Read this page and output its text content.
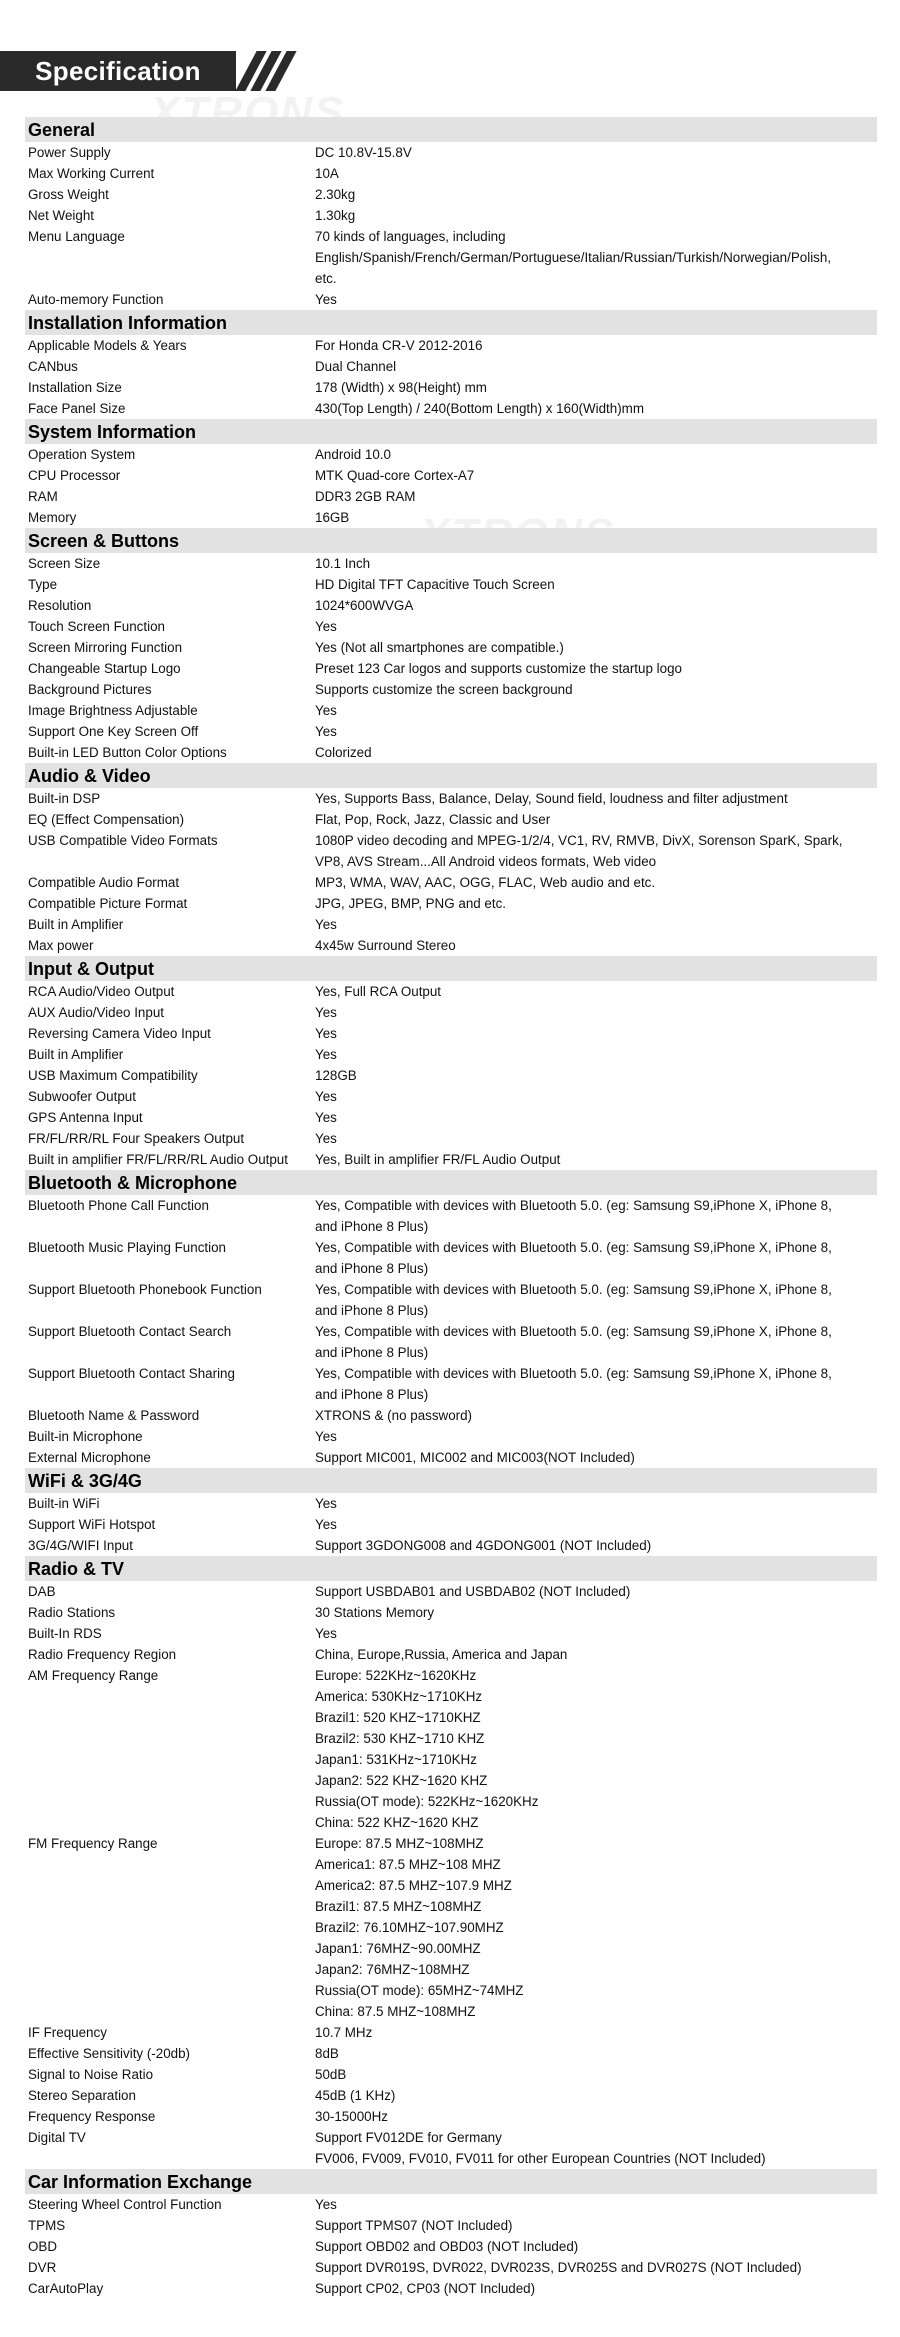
Specification
XTRONS
General
Power Supply	DC 10.8V-15.8V
Max Working Current	10A
Gross Weight	2.30kg
Net Weight	1.30kg
Menu Language	70 kinds of languages, including
English/Spanish/French/German/Portuguese/Italian/Russian/Turkish/Norwegian/Polish,
etc.
Auto-memory Function	Yes
Installation Information
Applicable Models & Years	For Honda CR-V 2012-2016
CANbus	Dual Channel
Installation Size	178 (Width) x 98(Height) mm
Face Panel Size	430(Top Length) / 240(Bottom Length) x 160(Width)mm
System Information
Operation System	Android 10.0
CPU Processor	MTK Quad-core Cortex-A7
RAM	DDR3 2GB RAM
Memory	16GB
Screen & Buttons
Screen Size	10.1 Inch
Type	HD Digital TFT Capacitive Touch Screen
Resolution	1024*600WVGA
Touch Screen Function	Yes
Screen Mirroring Function	Yes (Not all smartphones are compatible.)
Changeable Startup Logo	Preset 123 Car logos and supports customize the startup logo
Background Pictures	Supports customize the screen background
Image Brightness Adjustable	Yes
Support One Key Screen Off	Yes
Built-in LED Button Color Options	Colorized
Audio & Video
Built-in DSP	Yes, Supports Bass, Balance, Delay, Sound field, loudness and filter adjustment
EQ (Effect Compensation)	Flat, Pop, Rock, Jazz, Classic and User
USB Compatible Video Formats	1080P video decoding and MPEG-1/2/4, VC1, RV, RMVB, DivX, Sorenson SparK, Spark,
VP8, AVS Stream...All Android videos formats, Web video
Compatible Audio Format	MP3, WMA, WAV, AAC, OGG, FLAC, Web audio and etc.
Compatible Picture Format	JPG, JPEG, BMP, PNG and etc.
Built in Amplifier	Yes
Max power	4x45w Surround Stereo
Input & Output
RCA Audio/Video Output	Yes, Full RCA Output
AUX Audio/Video Input	Yes
Reversing Camera Video Input	Yes
Built in Amplifier	Yes
USB Maximum Compatibility	128GB
Subwoofer Output	Yes
GPS Antenna Input	Yes
FR/FL/RR/RL Four Speakers Output	Yes
Built in amplifier FR/FL/RR/RL Audio Output	Yes, Built in amplifier FR/FL Audio Output
Bluetooth & Microphone
Bluetooth Phone Call Function	Yes, Compatible with devices with Bluetooth 5.0. (eg: Samsung S9,iPhone X, iPhone 8,
and iPhone 8 Plus)
Bluetooth Music Playing Function	Yes, Compatible with devices with Bluetooth 5.0. (eg: Samsung S9,iPhone X, iPhone 8,
and iPhone 8 Plus)
Support Bluetooth Phonebook Function	Yes, Compatible with devices with Bluetooth 5.0. (eg: Samsung S9,iPhone X, iPhone 8,
and iPhone 8 Plus)
Support Bluetooth Contact Search	Yes, Compatible with devices with Bluetooth 5.0. (eg: Samsung S9,iPhone X, iPhone 8,
and iPhone 8 Plus)
Support Bluetooth Contact Sharing	Yes, Compatible with devices with Bluetooth 5.0. (eg: Samsung S9,iPhone X, iPhone 8,
and iPhone 8 Plus)
Bluetooth Name & Password	XTRONS & (no password)
Built-in Microphone	Yes
External Microphone	Support MIC001, MIC002 and MIC003(NOT Included)
WiFi & 3G/4G
Built-in WiFi	Yes
Support WiFi Hotspot	Yes
3G/4G/WIFI Input	Support 3GDONG008 and 4GDONG001 (NOT Included)
Radio & TV
DAB	Support USBDAB01 and USBDAB02 (NOT Included)
Radio Stations	30 Stations Memory
Built-In RDS	Yes
Radio Frequency Region	China, Europe,Russia, America and Japan
AM Frequency Range	Europe: 522KHz~1620KHz
America: 530KHz~1710KHz
Brazil1: 520 KHZ~1710KHZ
Brazil2: 530 KHZ~1710 KHZ
Japan1: 531KHz~1710KHz
Japan2: 522 KHZ~1620 KHZ
Russia(OT mode): 522KHz~1620KHz
China: 522 KHZ~1620 KHZ
FM Frequency Range	Europe: 87.5 MHZ~108MHZ
America1: 87.5 MHZ~108 MHZ
America2: 87.5 MHZ~107.9 MHZ
Brazil1: 87.5 MHZ~108MHZ
Brazil2: 76.10MHZ~107.90MHZ
Japan1: 76MHZ~90.00MHZ
Japan2: 76MHZ~108MHZ
Russia(OT mode): 65MHZ~74MHZ
China: 87.5 MHZ~108MHZ
IF Frequency	10.7 MHz
Effective Sensitivity (-20db)	8dB
Signal to Noise Ratio	50dB
Stereo Separation	45dB (1 KHz)
Frequency Response	30-15000Hz
Digital TV	Support FV012DE for Germany
FV006, FV009, FV010, FV011 for other European Countries (NOT Included)
Car Information Exchange
Steering Wheel Control Function	Yes
TPMS	Support TPMS07 (NOT Included)
OBD	Support OBD02 and OBD03 (NOT Included)
DVR	Support DVR019S, DVR022, DVR023S, DVR025S and DVR027S (NOT Included)
CarAutoPlay	Support CP02, CP03 (NOT Included)
